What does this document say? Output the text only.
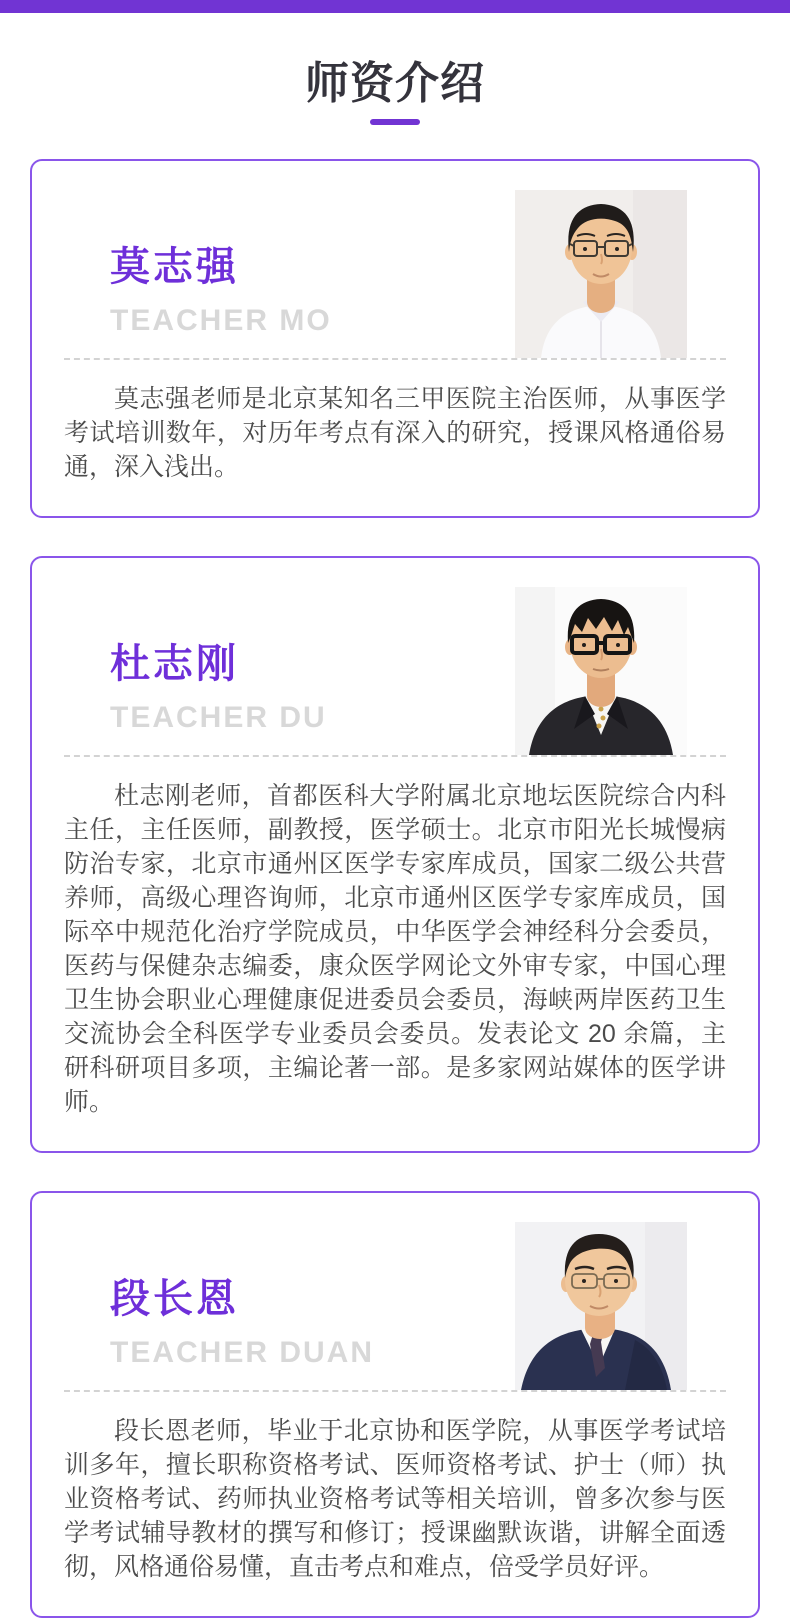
师资介绍
莫志强
TEACHER MO

莫志强老师是北京某知名三甲医院主治医师，从事医学考试培训数年，对历年考点有深入的研究，授课风格通俗易通，深入浅出。

杜志刚
TEACHER DU

杜志刚老师，首都医科大学附属北京地坛医院综合内科主任，主任医师，副教授，医学硕士。北京市阳光长城慢病防治专家，北京市通州区医学专家库成员，国家二级公共营养师，高级心理咨询师，北京市通州区医学专家库成员，国际卒中规范化治疗学院成员，中华医学会神经科分会委员，医药与保健杂志编委，康众医学网论文外审专家，中国心理卫生协会职业心理健康促进委员会委员，海峡两岸医药卫生交流协会全科医学专业委员会委员。发表论文 20 余篇，主研科研项目多项，主编论著一部。是多家网站媒体的医学讲师。

段长恩
TEACHER DUAN

段长恩老师，毕业于北京协和医学院，从事医学考试培训多年，擅长职称资格考试、医师资格考试、护士（师）执业资格考试、药师执业资格考试等相关培训，曾多次参与医学考试辅导教材的撰写和修订；授课幽默诙谐，讲解全面透彻，风格通俗易懂，直击考点和难点，倍受学员好评。
